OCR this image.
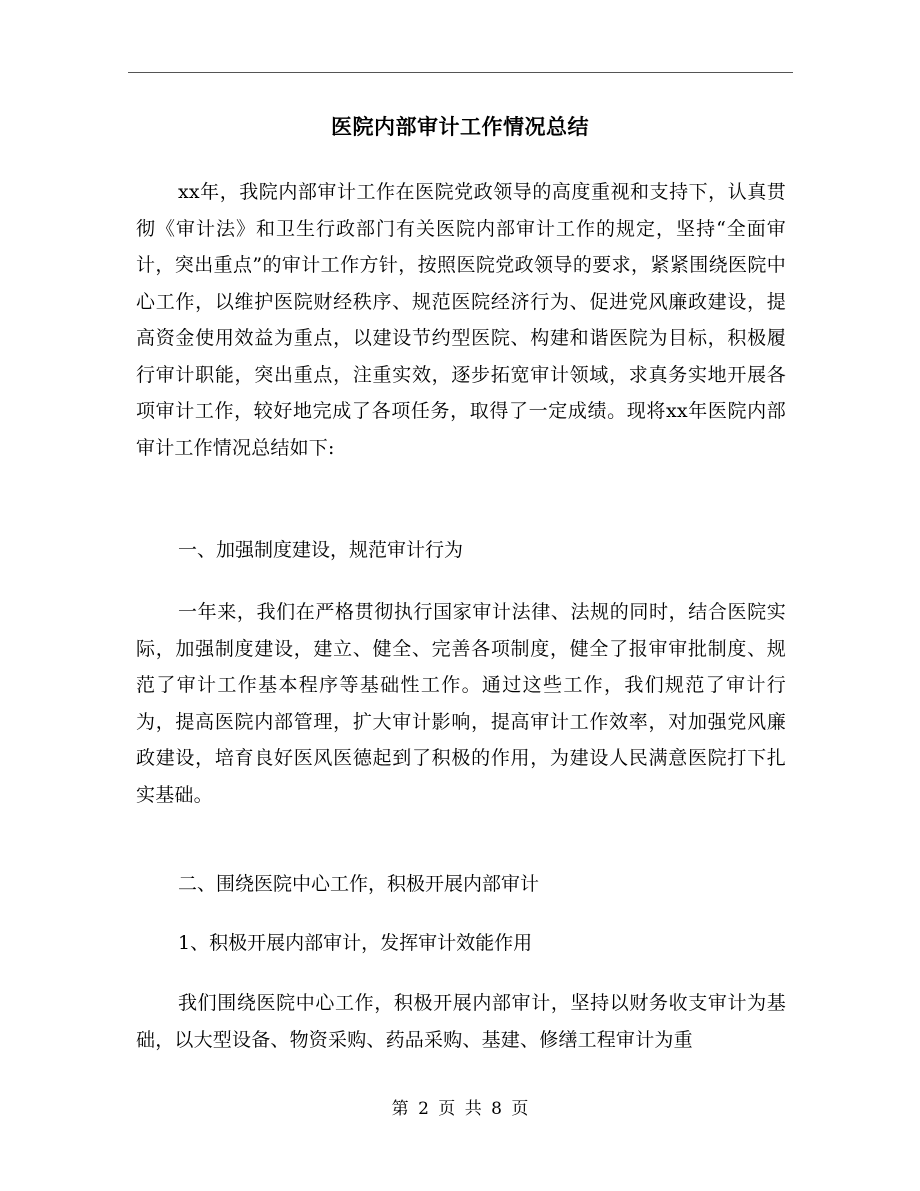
医院内部审计工作情况总结
xx年，我院内部审计工作在医院党政领导的高度重视和支持下，认真贯彻《审计法》和卫生行政部门有关医院内部审计工作的规定，坚持“全面审计，突出重点”的审计工作方针，按照医院党政领导的要求，紧紧围绕医院中心工作，以维护医院财经秩序、规范医院经济行为、促进党风廉政建设，提高资金使用效益为重点，以建设节约型医院、构建和谐医院为目标，积极履行审计职能，突出重点，注重实效，逐步拓宽审计领域，求真务实地开展各项审计工作，较好地完成了各项任务，取得了一定成绩。现将xx年医院内部审计工作情况总结如下:
一、加强制度建设，规范审计行为
一年来，我们在严格贯彻执行国家审计法律、法规的同时，结合医院实际，加强制度建设，建立、健全、完善各项制度，健全了报审审批制度、规范了审计工作基本程序等基础性工作。通过这些工作，我们规范了审计行为，提高医院内部管理，扩大审计影响，提高审计工作效率，对加强党风廉政建设，培育良好医风医德起到了积极的作用，为建设人民满意医院打下扎实基础。
二、围绕医院中心工作，积极开展内部审计
1、积极开展内部审计，发挥审计效能作用
我们围绕医院中心工作，积极开展内部审计，坚持以财务收支审计为基础，以大型设备、物资采购、药品采购、基建、修缮工程审计为重
第 2 页 共 8 页
